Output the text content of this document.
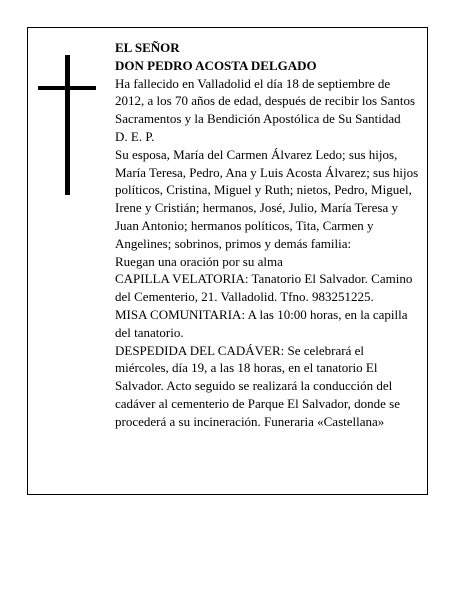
EL SEÑOR

DON PEDRO ACOSTA DELGADO

Ha fallecido en Valladolid el día 18 de septiembre de 2012, a los 70 años de edad, después de recibir los Santos Sacramentos y la Bendición Apostólica de Su Santidad

D. E. P.

Su esposa, María del Carmen Álvarez Ledo; sus hijos, María Teresa, Pedro, Ana y Luis Acosta Álvarez; sus hijos políticos, Cristina, Miguel y Ruth; nietos, Pedro, Miguel, Irene y Cristián; hermanos, José, Julio, María Teresa y Juan Antonio; hermanos políticos, Tita, Carmen y Angelines; sobrinos, primos y demás familia:

Ruegan una oración por su alma

CAPILLA VELATORIA: Tanatorio El Salvador. Camino del Cementerio, 21. Valladolid. Tfno. 983251225.

MISA COMUNITARIA: A las 10:00 horas, en la capilla del tanatorio.

DESPEDIDA DEL CADÁVER: Se celebrará el miércoles, día 19, a las 18 horas, en el tanatorio El Salvador. Acto seguido se realizará la conducción del cadáver al cementerio de Parque El Salvador, donde se procederá a su incineración. Funeraria «Castellana»
